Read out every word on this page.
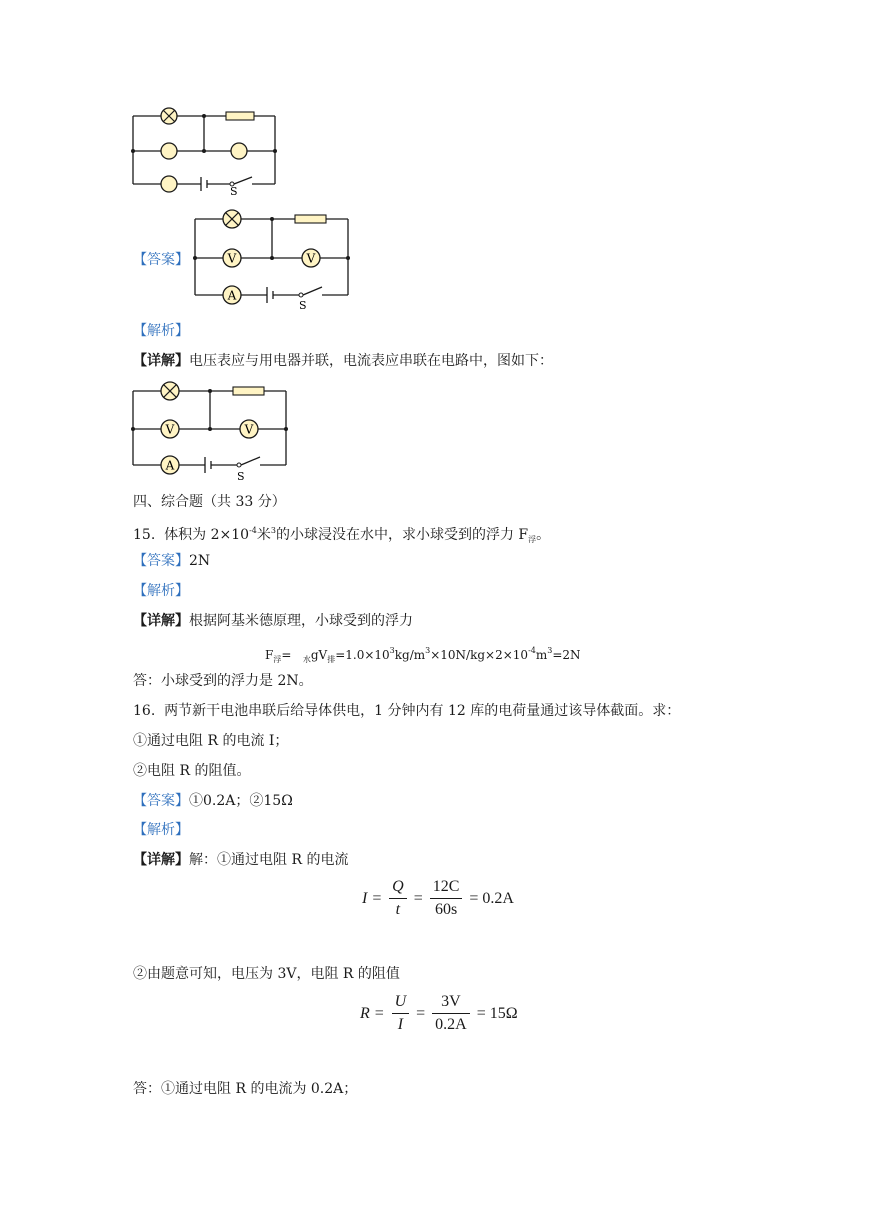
S
【答案】	V	V
A
S
【解析】
【详解】电压表应与用电器并联，电流表应串联在电路中，图如下：
V	V
A
S
四、综合题（共 33 分）
15. 体积为 $2\times 10^{-4}$米$^3$的小球浸没在水中，求小球受到的浮力 $F_浮$。
【答案】2N
【解析】
【详解】根据阿基米德原理，小球受到的浮力
$F_浮= _水gV_排=1.0\times 10^3kg/m^3\times 10N/kg\times 2\times 10^{-4}m^3=2N$
答：小球受到的浮力是 2N。
16. 两节新干电池串联后给导体供电，1 分钟内有 12 库的电荷量通过该导体截面。求：
①通过电阻 R 的电流 I；
②电阻 R 的阻值。
【答案】①0.2A；②15Ω
【解析】
【详解】解：①通过电阻 R 的电流
$I = \frac{Q}{t} = \frac{12C}{60s} = 0.2A$
②由题意可知，电压为 3V，电阻 R 的阻值
$R = \frac{U}{I} = \frac{3V}{0.2A} = 15\Omega$
答：①通过电阻 R 的电流为 0.2A；
